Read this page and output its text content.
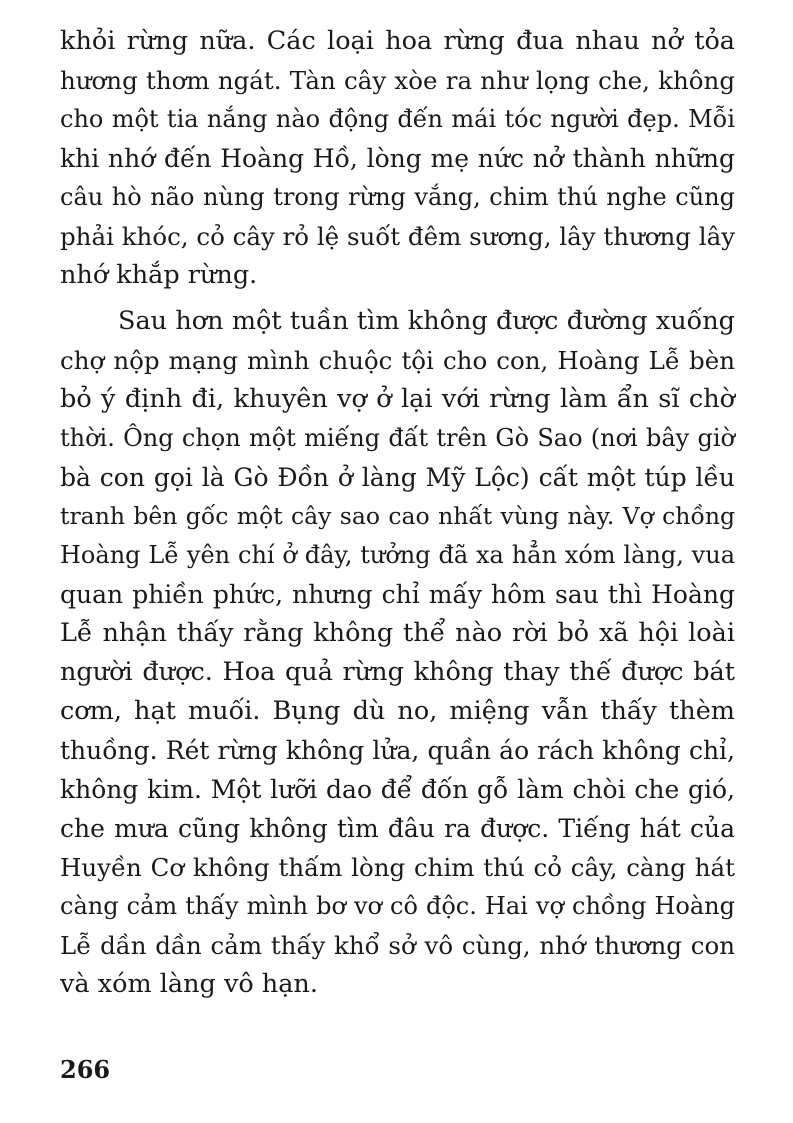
khỏi rừng nữa. Các loại hoa rừng đua nhau nở tỏa
hương thơm ngát. Tàn cây xòe ra như lọng che, không
cho một tia nắng nào động đến mái tóc người đẹp. Mỗi
khi nhớ đến Hoàng Hồ, lòng mẹ nức nở thành những
câu hò não nùng trong rừng vắng, chim thú nghe cũng
phải khóc, cỏ cây rỏ lệ suốt đêm sương, lây thương lây
nhớ khắp rừng.
Sau hơn một tuần tìm không được đường xuống
chợ nộp mạng mình chuộc tội cho con, Hoàng Lễ bèn
bỏ ý định đi, khuyên vợ ở lại với rừng làm ẩn sĩ chờ
thời. Ông chọn một miếng đất trên Gò Sao (nơi bây giờ
bà con gọi là Gò Đồn ở làng Mỹ Lộc) cất một túp lều
tranh bên gốc một cây sao cao nhất vùng này. Vợ chồng
Hoàng Lễ yên chí ở đây, tưởng đã xa hẳn xóm làng, vua
quan phiền phức, nhưng chỉ mấy hôm sau thì Hoàng
Lễ nhận thấy rằng không thể nào rời bỏ xã hội loài
người được. Hoa quả rừng không thay thế được bát
cơm, hạt muối. Bụng dù no, miệng vẫn thấy thèm
thuồng. Rét rừng không lửa, quần áo rách không chỉ,
không kim. Một lưỡi dao để đốn gỗ làm chòi che gió,
che mưa cũng không tìm đâu ra được. Tiếng hát của
Huyền Cơ không thấm lòng chim thú cỏ cây, càng hát
càng cảm thấy mình bơ vơ cô độc. Hai vợ chồng Hoàng
Lễ dần dần cảm thấy khổ sở vô cùng, nhớ thương con
và xóm làng vô hạn.
266
